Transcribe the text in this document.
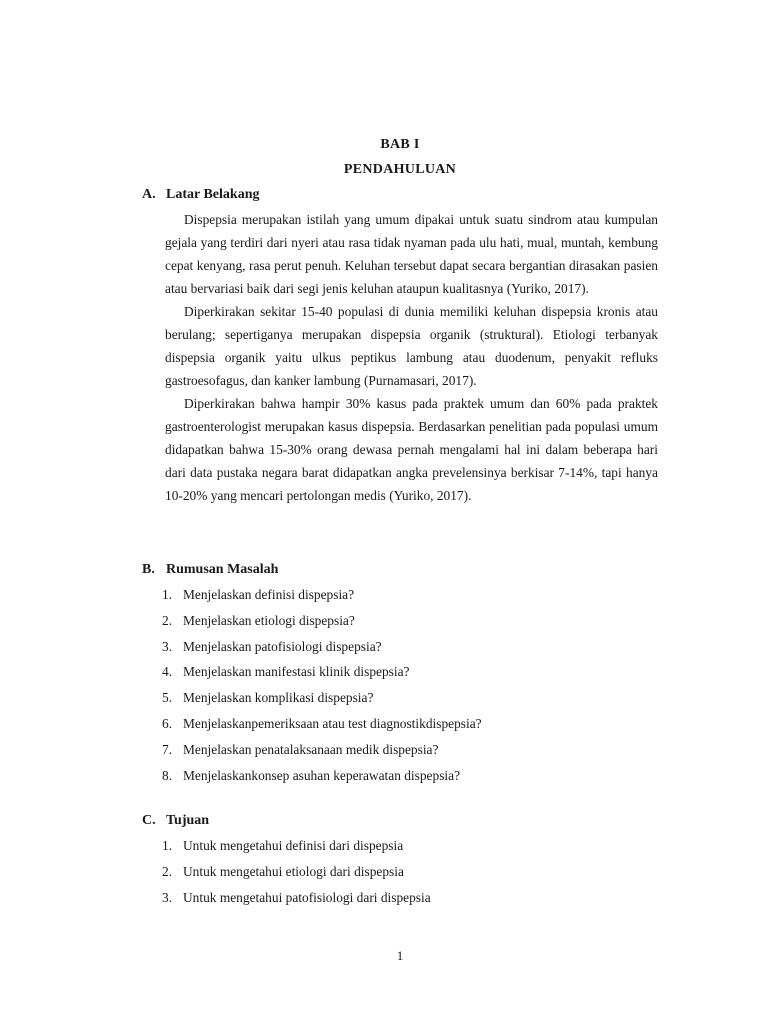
BAB I
PENDAHULUAN
A. Latar Belakang

Dispepsia merupakan istilah yang umum dipakai untuk suatu sindrom atau kumpulan gejala yang terdiri dari nyeri atau rasa tidak nyaman pada ulu hati, mual, muntah, kembung cepat kenyang, rasa perut penuh. Keluhan tersebut dapat secara bergantian dirasakan pasien atau bervariasi baik dari segi jenis keluhan ataupun kualitasnya (Yuriko, 2017).

Diperkirakan sekitar 15-40 populasi di dunia memiliki keluhan dispepsia kronis atau berulang; sepertiganya merupakan dispepsia organik (struktural). Etiologi terbanyak dispepsia organik yaitu ulkus peptikus lambung atau duodenum, penyakit refluks gastroesofagus, dan kanker lambung (Purnamasari, 2017).

Diperkirakan bahwa hampir 30% kasus pada praktek umum dan 60% pada praktek gastroenterologist merupakan kasus dispepsia. Berdasarkan penelitian pada populasi umum didapatkan bahwa 15-30% orang dewasa pernah mengalami hal ini dalam beberapa hari dari data pustaka negara barat didapatkan angka prevelensinya berkisar 7-14%, tapi hanya 10-20% yang mencari pertolongan medis (Yuriko, 2017).

B. Rumusan Masalah
1. Menjelaskan definisi dispepsia?
2. Menjelaskan etiologi dispepsia?
3. Menjelaskan patofisiologi dispepsia?
4. Menjelaskan manifestasi klinik dispepsia?
5. Menjelaskan komplikasi dispepsia?
6. Menjelaskanpemeriksaan atau test diagnostikdispepsia?
7. Menjelaskan penatalaksanaan medik dispepsia?
8. Menjelaskankonsep asuhan keperawatan dispepsia?
C. Tujuan
1. Untuk mengetahui definisi dari dispepsia
2. Untuk mengetahui etiologi dari dispepsia
3. Untuk mengetahui patofisiologi dari dispepsia
1
